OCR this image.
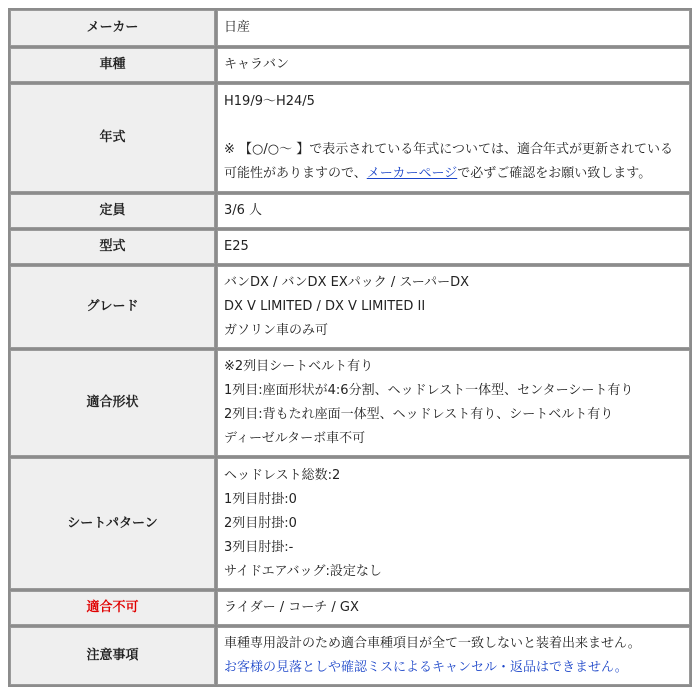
メーカー	日産
車種	キャラバン
年式	H19/9〜H24/5
※ 【○/○〜 】で表示されている年式については、適合年式が更新されている
可能性がありますので、メーカーページで必ずご確認をお願い致します。

定員	3/6 人
型式	E25
グレード	バンDX / バンDX EXパック / スーパーDX
DX V LIMITED / DX V LIMITED II
ガソリン車のみ可

適合形状	※2列目シートベルト有り
1列目:座面形状が4:6分割、ヘッドレスト一体型、センターシート有り
2列目:背もたれ座面一体型、ヘッドレスト有り、シートベルト有り
ディーゼルターボ車不可

シートパターン	ヘッドレスト総数:2
1列目肘掛:0
2列目肘掛:0
3列目肘掛:-
サイドエアバッグ:設定なし

適合不可	ライダー / コーチ / GX
注意事項	車種専用設計のため適合車種項目が全て一致しないと装着出来ません。
お客様の見落としや確認ミスによるキャンセル・返品はできません。
